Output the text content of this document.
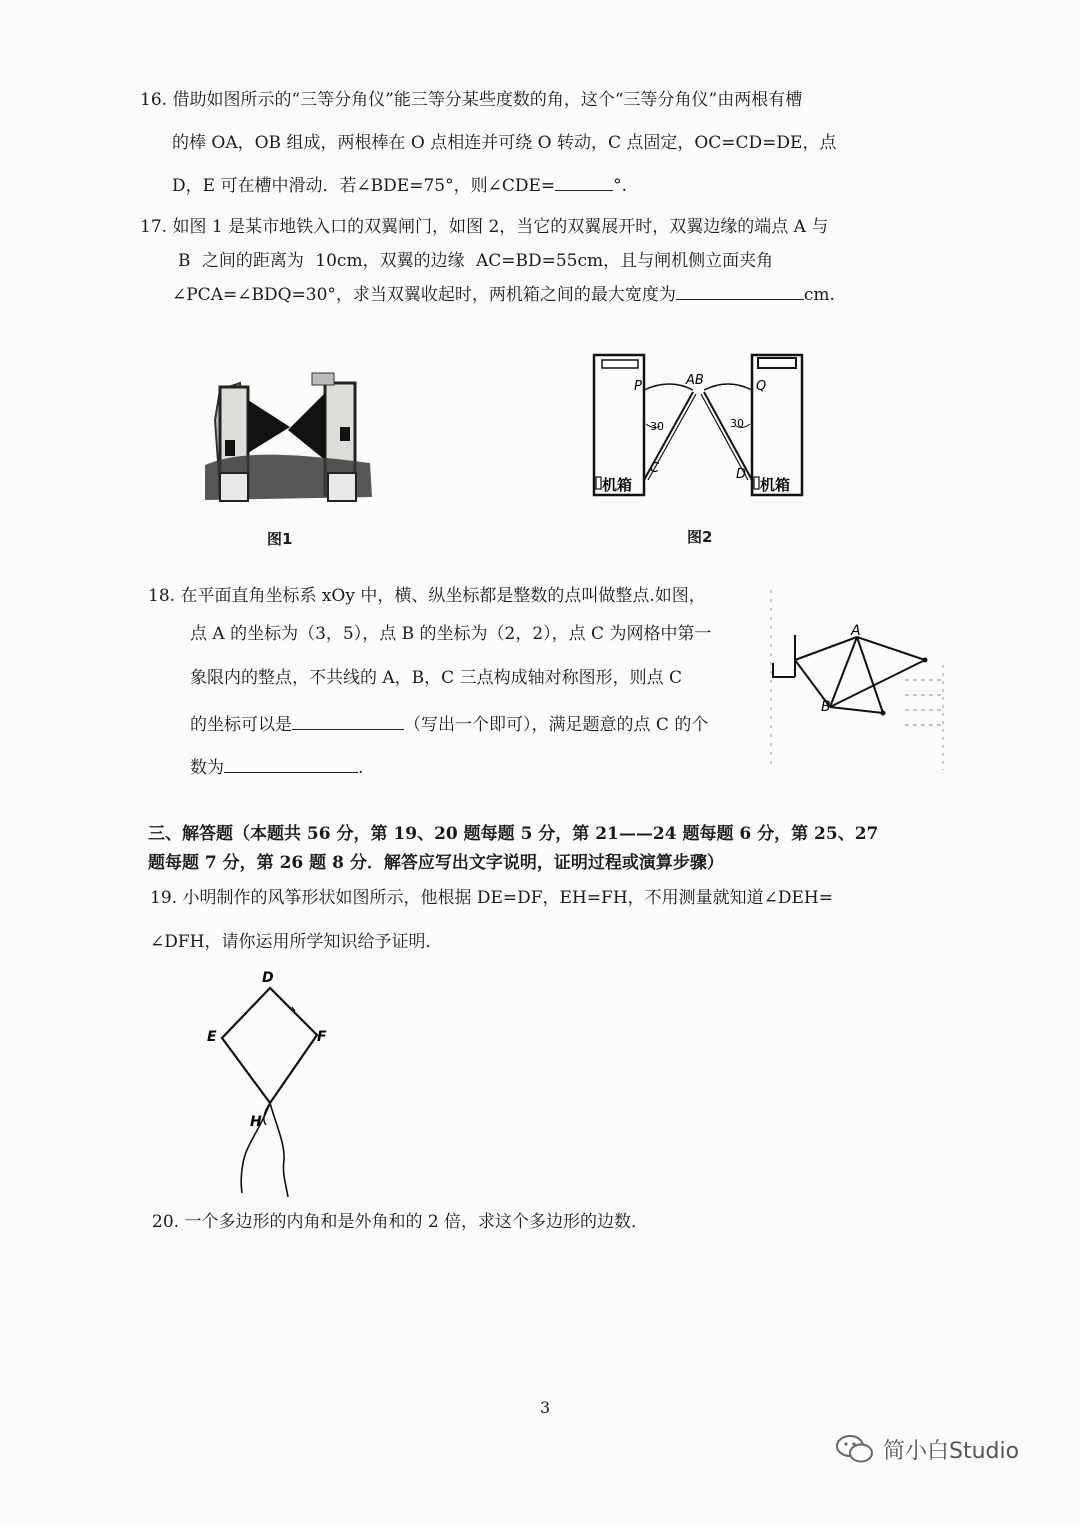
16. 借助如图所示的“三等分角仪”能三等分某些度数的角，这个“三等分角仪”由两根有槽
的棒 OA，OB 组成，两根棒在 O 点相连并可绕 O 转动，C 点固定，OC=CD=DE，点
D，E 可在槽中滑动．若∠BDE=75°，则∠CDE=	°.
17. 如图 1 是某市地铁入口的双翼闸门，如图 2，当它的双翼展开时，双翼边缘的端点 A 与
B 之间的距离为 10cm，双翼的边缘 AC=BD=55cm，且与闸机侧立面夹角
∠PCA=∠BDQ=30°，求当双翼收起时，两机箱之间的最大宽度为	cm.
图1
P	AB	Q
30	30
C	D
机箱	机箱
图2
18. 在平面直角坐标系 xOy 中，横、纵坐标都是整数的点叫做整点.如图，
点 A 的坐标为（3，5），点 B 的坐标为（2，2），点 C 为网格中第一
象限内的整点，不共线的 A，B，C 三点构成轴对称图形，则点 C
的坐标可以是	（写出一个即可），满足题意的点 C 的个
数为	.
A
B
三、解答题（本题共 56 分，第 19、20 题每题 5 分，第 21——24 题每题 6 分，第 25、27
题每题 7 分，第 26 题 8 分．解答应写出文字说明，证明过程或演算步骤）
19. 小明制作的风筝形状如图所示，他根据 DE=DF，EH=FH，不用测量就知道∠DEH=
∠DFH，请你运用所学知识给予证明．
D
E	F
H
20. 一个多边形的内角和是外角和的 2 倍，求这个多边形的边数．
3
简小白Studio
